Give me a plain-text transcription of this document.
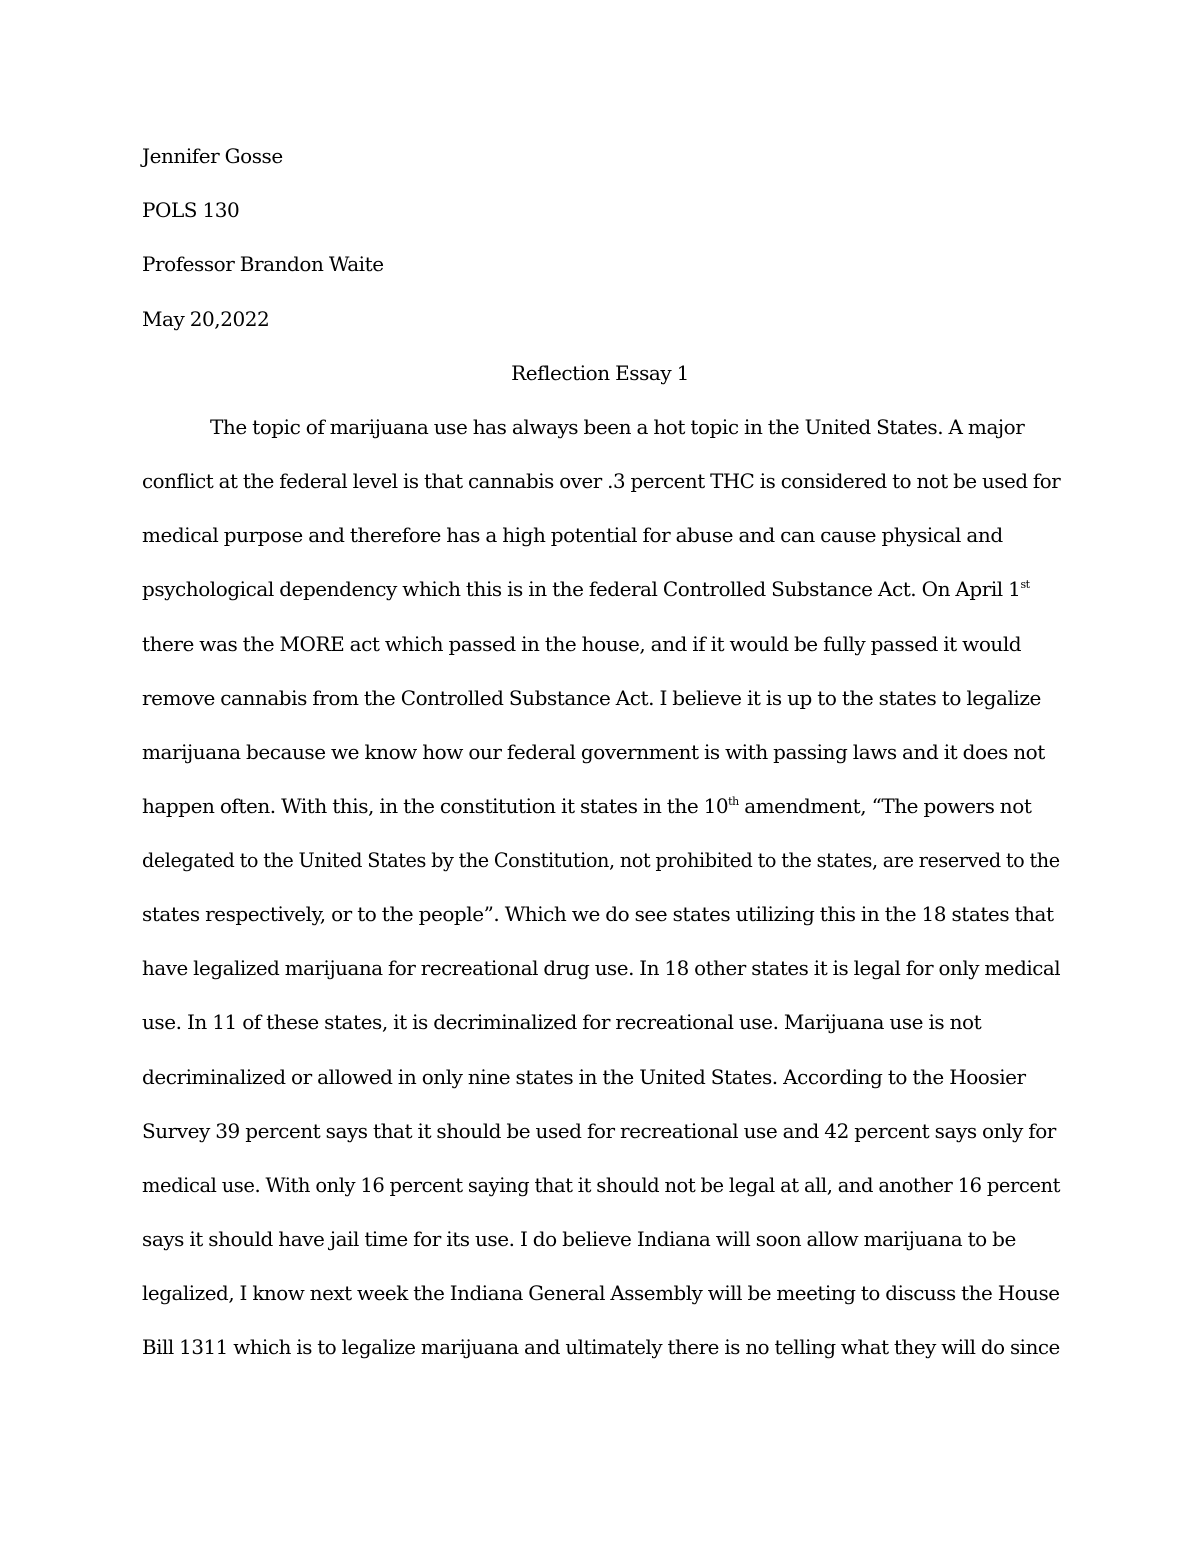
Jennifer Gosse
POLS 130
Professor Brandon Waite
May 20,2022
Reflection Essay 1
The topic of marijuana use has always been a hot topic in the United States. A major
conflict at the federal level is that cannabis over .3 percent THC is considered to not be used for
medical purpose and therefore has a high potential for abuse and can cause physical and
psychological dependency which this is in the federal Controlled Substance Act. On April 1st
there was the MORE act which passed in the house, and if it would be fully passed it would
remove cannabis from the Controlled Substance Act. I believe it is up to the states to legalize
marijuana because we know how our federal government is with passing laws and it does not
happen often. With this, in the constitution it states in the 10th amendment, “The powers not
delegated to the United States by the Constitution, not prohibited to the states, are reserved to the
states respectively, or to the people”. Which we do see states utilizing this in the 18 states that
have legalized marijuana for recreational drug use. In 18 other states it is legal for only medical
use. In 11 of these states, it is decriminalized for recreational use. Marijuana use is not
decriminalized or allowed in only nine states in the United States. According to the Hoosier
Survey 39 percent says that it should be used for recreational use and 42 percent says only for
medical use. With only 16 percent saying that it should not be legal at all, and another 16 percent
says it should have jail time for its use. I do believe Indiana will soon allow marijuana to be
legalized, I know next week the Indiana General Assembly will be meeting to discuss the House
Bill 1311 which is to legalize marijuana and ultimately there is no telling what they will do since
